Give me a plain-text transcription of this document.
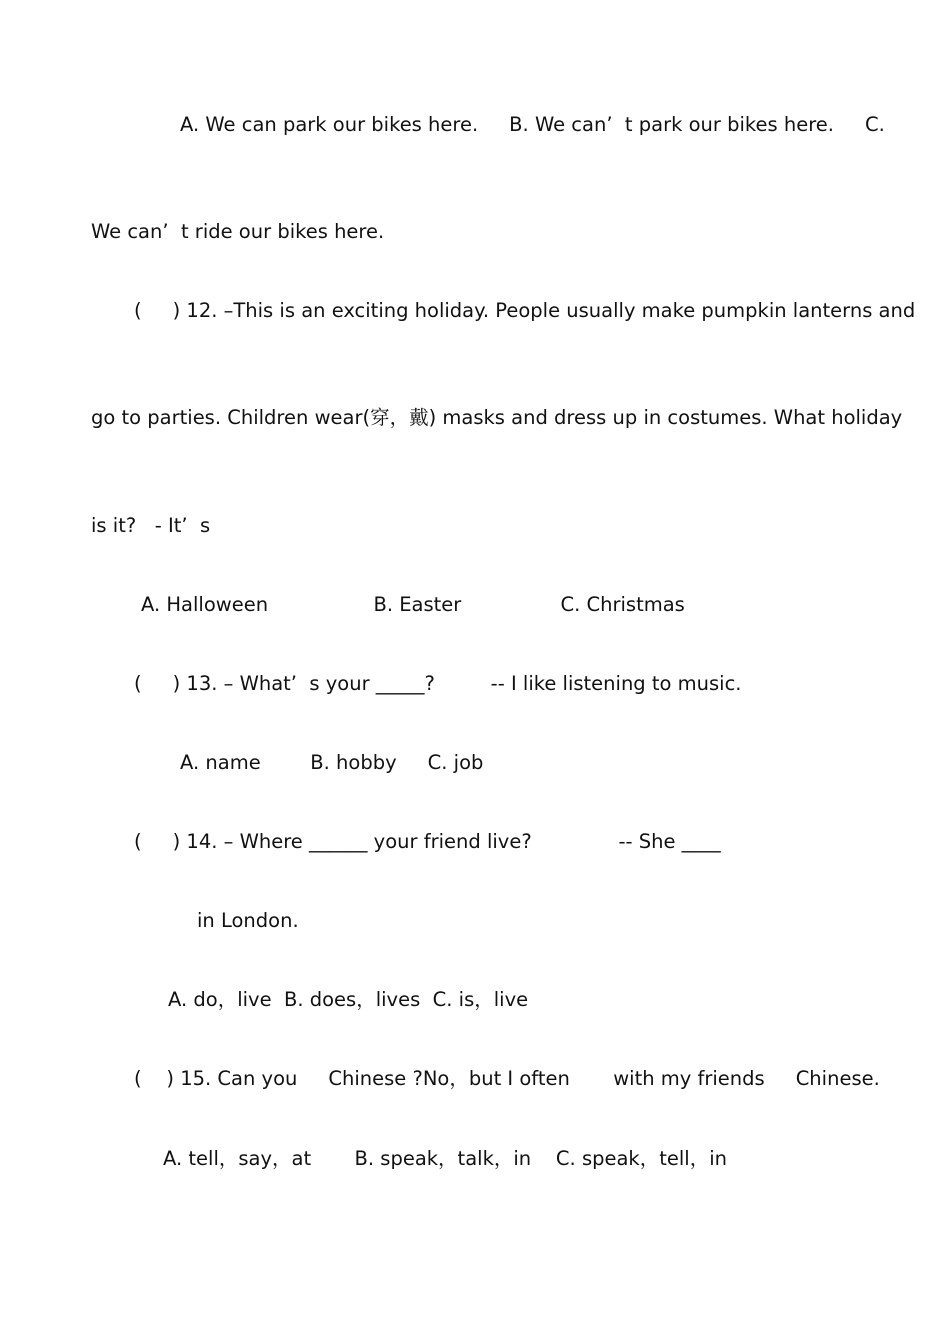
A. We can park our bikes here.     B. We can’  t park our bikes here.     C.
We can’  t ride our bikes here.
(     ) 12. –This is an exciting holiday. People usually make pumpkin lanterns and
go to parties. Children wear(穿，戴) masks and dress up in costumes. What holiday
is it?   - It’  s
A. Halloween                 B. Easter                C. Christmas
(     ) 13. – What’  s your _____?         -- I like listening to music.
A. name        B. hobby     C. job
(     ) 14. – Where ______ your friend live?              -- She ____
in London.
A. do，live  B. does，lives  C. is，live
(    ) 15. Can you     Chinese ?No，but I often       with my friends     Chinese.
A. tell，say，at       B. speak，talk，in    C. speak，tell，in
